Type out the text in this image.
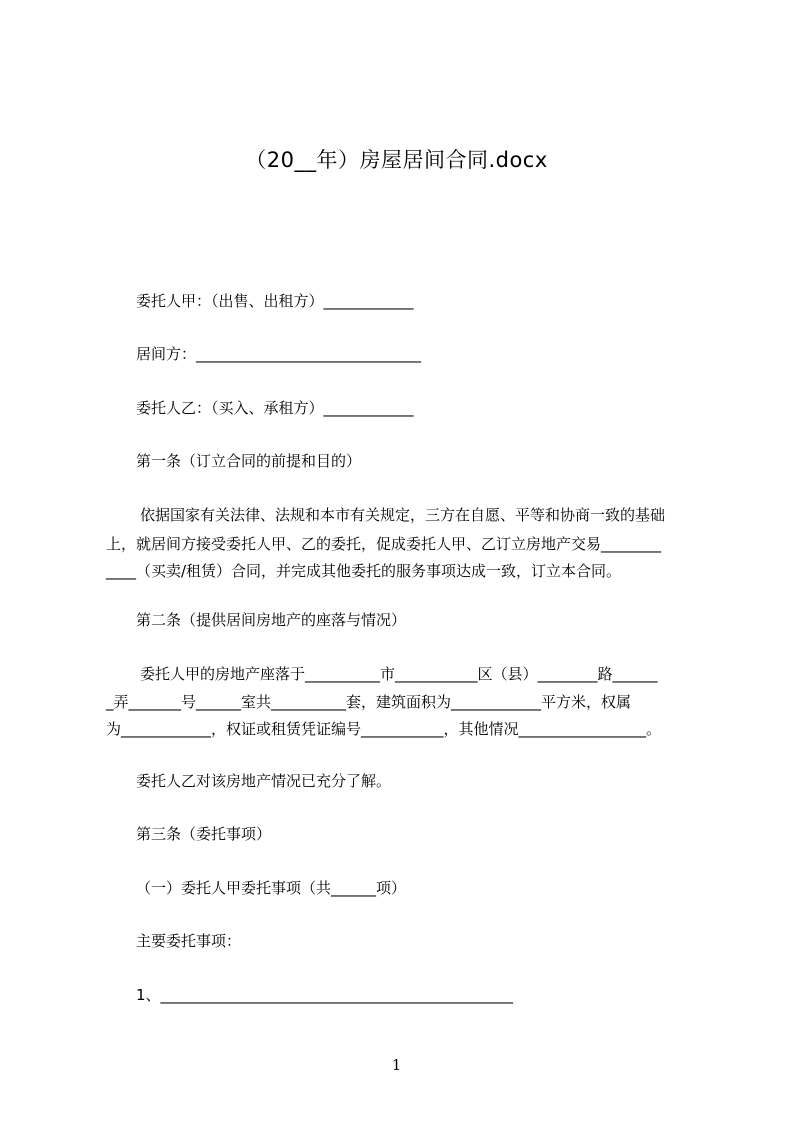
（20__年）房屋居间合同.docx
委托人甲：（出售、出租方）____________
居间方：______________________________
委托人乙：（买入、承租方）____________
第一条（订立合同的前提和目的）
依据国家有关法律、法规和本市有关规定，三方在自愿、平等和协商一致的基础
上，就居间方接受委托人甲、乙的委托，促成委托人甲、乙订立房地产交易________
____（买卖/租赁）合同，并完成其他委托的服务事项达成一致，订立本合同。
第二条（提供居间房地产的座落与情况）
委托人甲的房地产座落于__________市___________区（县）________路______
_弄_______号______室共__________套，建筑面积为____________平方米，权属
为____________，权证或租赁凭证编号___________，其他情况_________________。
委托人乙对该房地产情况已充分了解。
第三条（委托事项）
（一）委托人甲委托事项（共______项）
主要委托事项：
1、_______________________________________________
1
